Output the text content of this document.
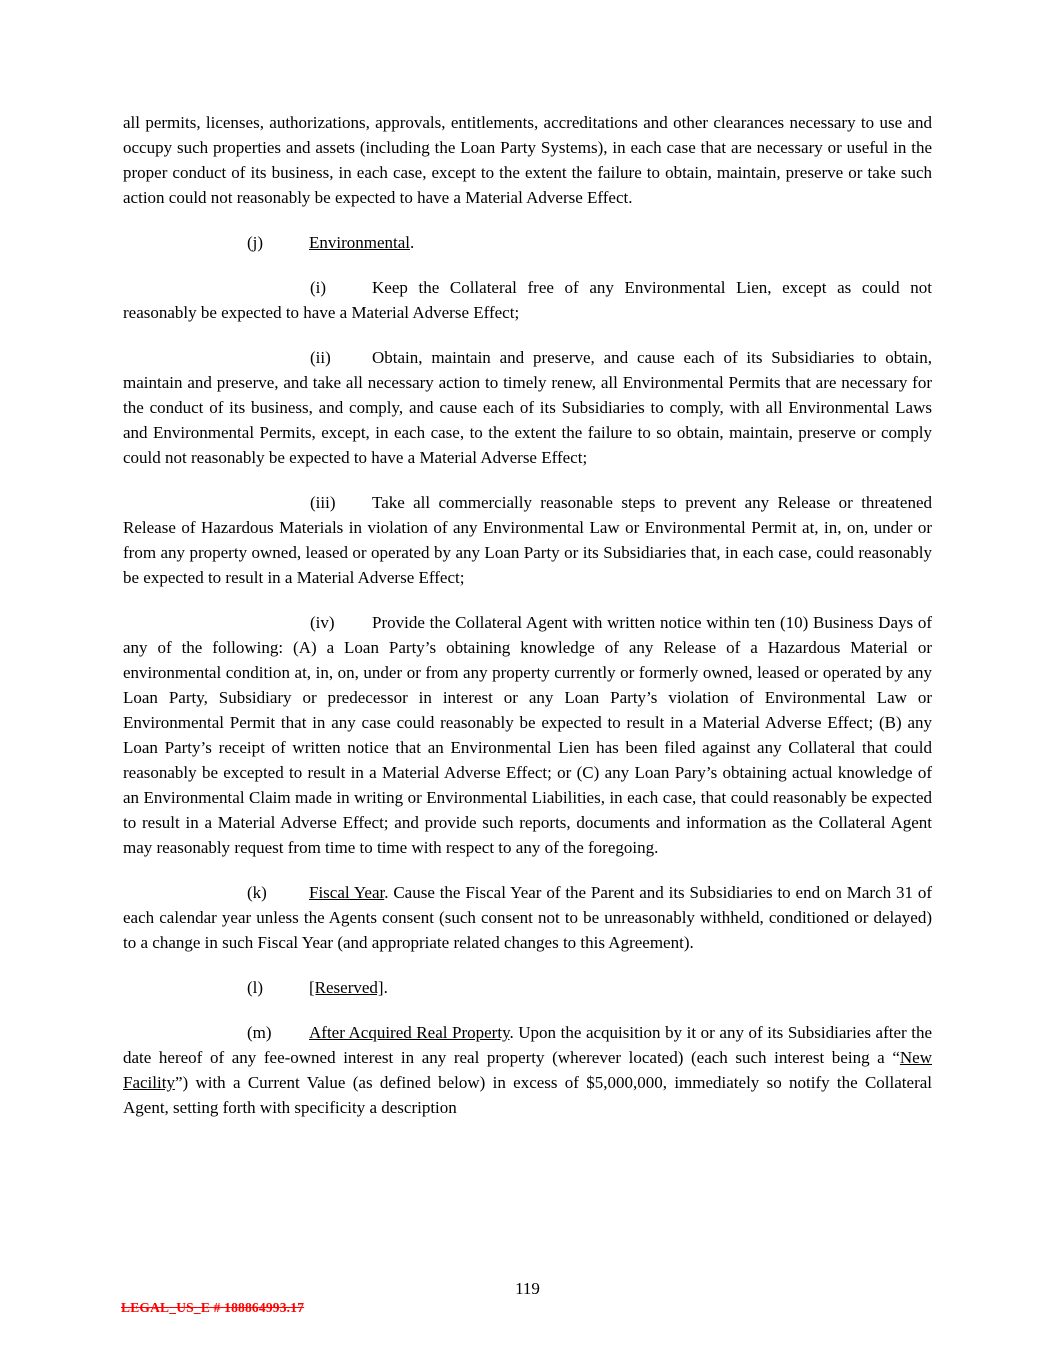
all permits, licenses, authorizations, approvals, entitlements, accreditations and other clearances necessary to use and occupy such properties and assets (including the Loan Party Systems), in each case that are necessary or useful in the proper conduct of its business, in each case, except to the extent the failure to obtain, maintain, preserve or take such action could not reasonably be expected to have a Material Adverse Effect.

(j)	Environmental.

(i)	Keep the Collateral free of any Environmental Lien, except as could not reasonably be expected to have a Material Adverse Effect;

(ii) Obtain, maintain and preserve, and cause each of its Subsidiaries to obtain, maintain and preserve, and take all necessary action to timely renew, all Environmental Permits that are necessary for the conduct of its business, and comply, and cause each of its Subsidiaries to comply, with all Environmental Laws and Environmental Permits, except, in each case, to the extent the failure to so obtain, maintain, preserve or comply could not reasonably be expected to have a Material Adverse Effect;

(iii) Take all commercially reasonable steps to prevent any Release or threatened Release of Hazardous Materials in violation of any Environmental Law or Environmental Permit at, in, on, under or from any property owned, leased or operated by any Loan Party or its Subsidiaries that, in each case, could reasonably be expected to result in a Material Adverse Effect;

(iv) Provide the Collateral Agent with written notice within ten (10) Business Days of any of the following: (A) a Loan Party’s obtaining knowledge of any Release of a Hazardous Material or environmental condition at, in, on, under or from any property currently or formerly owned, leased or operated by any Loan Party, Subsidiary or predecessor in interest or any Loan Party’s violation of Environmental Law or Environmental Permit that in any case could reasonably be expected to result in a Material Adverse Effect; (B) any Loan Party’s receipt of written notice that an Environmental Lien has been filed against any Collateral that could reasonably be excepted to result in a Material Adverse Effect; or (C) any Loan Pary’s obtaining actual knowledge of an Environmental Claim made in writing or Environmental Liabilities, in each case, that could reasonably be expected to result in a Material Adverse Effect; and provide such reports, documents and information as the Collateral Agent may reasonably request from time to time with respect to any of the foregoing.

(k) Fiscal Year. Cause the Fiscal Year of the Parent and its Subsidiaries to end on March 31 of each calendar year unless the Agents consent (such consent not to be unreasonably withheld, conditioned or delayed) to a change in such Fiscal Year (and appropriate related changes to this Agreement).

(l)	[Reserved].

(m) After Acquired Real Property. Upon the acquisition by it or any of its Subsidiaries after the date hereof of any fee-owned interest in any real property (wherever located) (each such interest being a “New Facility”) with a Current Value (as defined below) in excess of $5,000,000, immediately so notify the Collateral Agent, setting forth with specificity a description

119
LEGAL_US_E # 188864993.17
